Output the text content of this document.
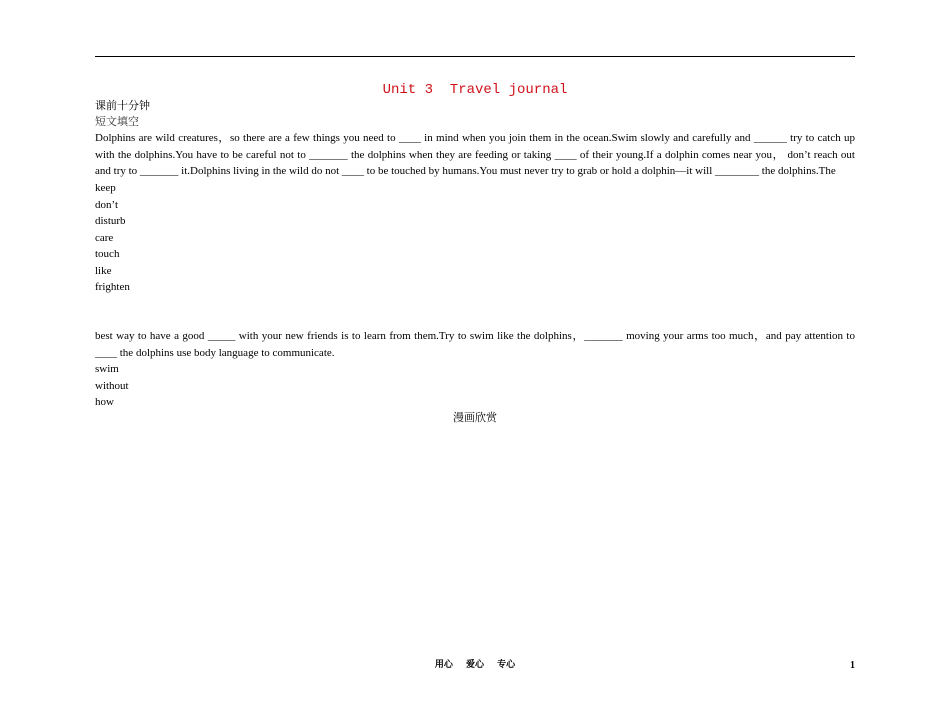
Unit 3  Travel journal
课前十分钟
短文填空

Dolphins are wild creatures，so there are a few things you need to ____ in mind when you join them in the ocean.Swim slowly and carefully and ______ try to catch up with the dolphins.You have to be careful not to _______ the dolphins when they are feeding or taking ____ of their young.If a dolphin comes near you， don’t reach out and try to _______ it.Dolphins living in the wild do not ____ to be touched by humans.You must never try to grab or hold a dolphin—it will ________ the dolphins.The

keep
don’t
disturb
care
touch
like
frighten

best way to have a good _____ with your new friends is to learn from them.Try to swim like the dolphins，_______ moving your arms too much，and pay attention to ____ the dolphins use body language to communicate.

swim
without
how
漫画欣赏
用心 爱心 专心	1
